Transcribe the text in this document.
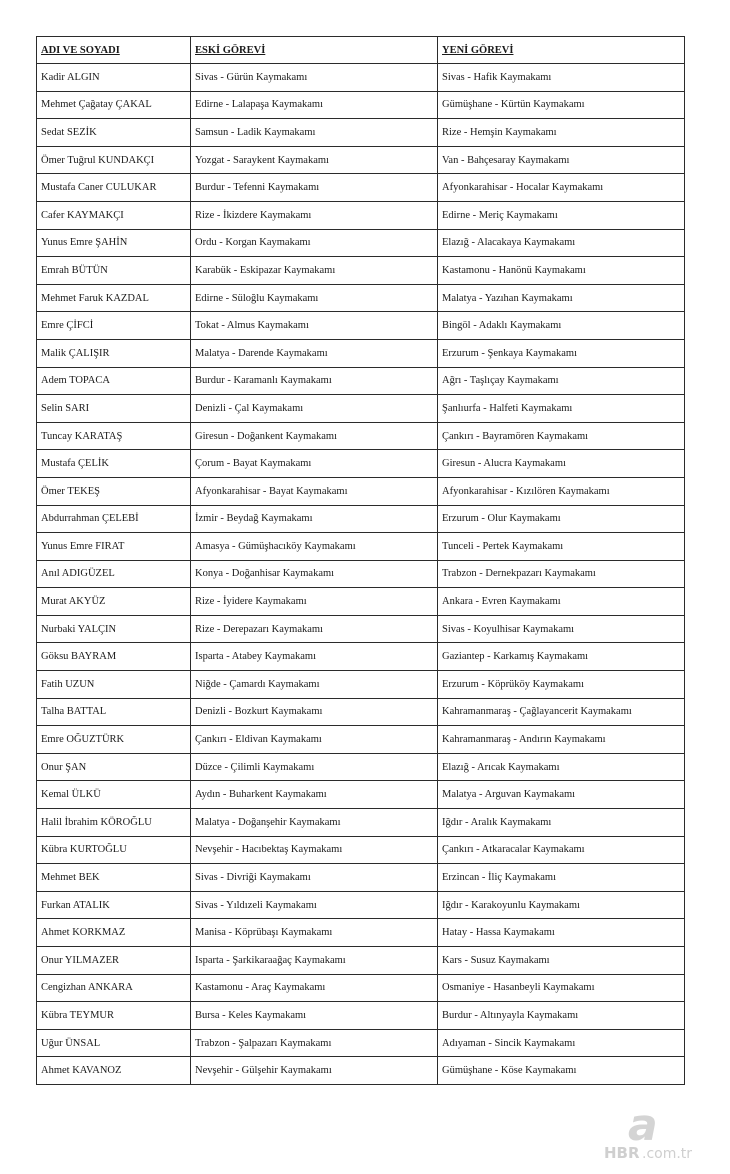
ADI VE SOYADI	ESKİ GÖREVİ	YENİ GÖREVİ
Kadir ALGIN	Sivas - Gürün Kaymakamı	Sivas - Hafik Kaymakamı
Mehmet Çağatay ÇAKAL	Edirne - Lalapaşa Kaymakamı	Gümüşhane - Kürtün Kaymakamı
Sedat SEZİK	Samsun - Ladik Kaymakamı	Rize - Hemşin Kaymakamı
Ömer Tuğrul KUNDAKÇI	Yozgat - Saraykent Kaymakamı	Van - Bahçesaray Kaymakamı
Mustafa Caner CULUKAR	Burdur - Tefenni Kaymakamı	Afyonkarahisar - Hocalar Kaymakamı
Cafer KAYMAKÇI	Rize - İkizdere Kaymakamı	Edirne - Meriç Kaymakamı
Yunus Emre ŞAHİN	Ordu - Korgan Kaymakamı	Elazığ - Alacakaya Kaymakamı
Emrah BÜTÜN	Karabük - Eskipazar Kaymakamı	Kastamonu - Hanönü Kaymakamı
Mehmet Faruk KAZDAL	Edirne - Süloğlu Kaymakamı	Malatya - Yazıhan Kaymakamı
Emre ÇİFCİ	Tokat - Almus Kaymakamı	Bingöl - Adaklı Kaymakamı
Malik ÇALIŞIR	Malatya - Darende Kaymakamı	Erzurum - Şenkaya Kaymakamı
Adem TOPACA	Burdur - Karamanlı Kaymakamı	Ağrı - Taşlıçay Kaymakamı
Selin SARI	Denizli - Çal Kaymakamı	Şanlıurfa - Halfeti Kaymakamı
Tuncay KARATAŞ	Giresun - Doğankent Kaymakamı	Çankırı - Bayramören Kaymakamı
Mustafa ÇELİK	Çorum - Bayat Kaymakamı	Giresun - Alucra Kaymakamı
Ömer TEKEŞ	Afyonkarahisar - Bayat Kaymakamı	Afyonkarahisar - Kızılören Kaymakamı
Abdurrahman ÇELEBİ	İzmir - Beydağ Kaymakamı	Erzurum - Olur Kaymakamı
Yunus Emre FIRAT	Amasya - Gümüşhacıköy Kaymakamı	Tunceli - Pertek Kaymakamı
Anıl ADIGÜZEL	Konya - Doğanhisar Kaymakamı	Trabzon - Dernekpazarı Kaymakamı
Murat AKYÜZ	Rize - İyidere Kaymakamı	Ankara - Evren Kaymakamı
Nurbaki YALÇIN	Rize - Derepazarı Kaymakamı	Sivas - Koyulhisar Kaymakamı
Göksu BAYRAM	Isparta - Atabey Kaymakamı	Gaziantep - Karkamış Kaymakamı
Fatih UZUN	Niğde - Çamardı Kaymakamı	Erzurum - Köprüköy Kaymakamı
Talha BATTAL	Denizli - Bozkurt Kaymakamı	Kahramanmaraş - Çağlayancerit Kaymakamı
Emre OĞUZTÜRK	Çankırı - Eldivan Kaymakamı	Kahramanmaraş - Andırın Kaymakamı
Onur ŞAN	Düzce - Çilimli Kaymakamı	Elazığ - Arıcak Kaymakamı
Kemal ÜLKÜ	Aydın - Buharkent Kaymakamı	Malatya - Arguvan Kaymakamı
Halil İbrahim KÖROĞLU	Malatya - Doğanşehir Kaymakamı	Iğdır - Aralık Kaymakamı
Kübra KURTOĞLU	Nevşehir - Hacıbektaş Kaymakamı	Çankırı - Atkaracalar Kaymakamı
Mehmet BEK	Sivas - Divriği Kaymakamı	Erzincan - İliç Kaymakamı
Furkan ATALIK	Sivas - Yıldızeli Kaymakamı	Iğdır - Karakoyunlu Kaymakamı
Ahmet KORKMAZ	Manisa - Köprübaşı Kaymakamı	Hatay - Hassa Kaymakamı
Onur YILMAZER	Isparta - Şarkikaraağaç Kaymakamı	Kars - Susuz Kaymakamı
Cengizhan ANKARA	Kastamonu - Araç Kaymakamı	Osmaniye - Hasanbeyli Kaymakamı
Kübra TEYMUR	Bursa - Keles Kaymakamı	Burdur - Altınyayla Kaymakamı
Uğur ÜNSAL	Trabzon - Şalpazarı Kaymakamı	Adıyaman - Sincik Kaymakamı
Ahmet KAVANOZ	Nevşehir - Gülşehir Kaymakamı	Gümüşhane - Köse Kaymakamı
a
HBR .com.tr
